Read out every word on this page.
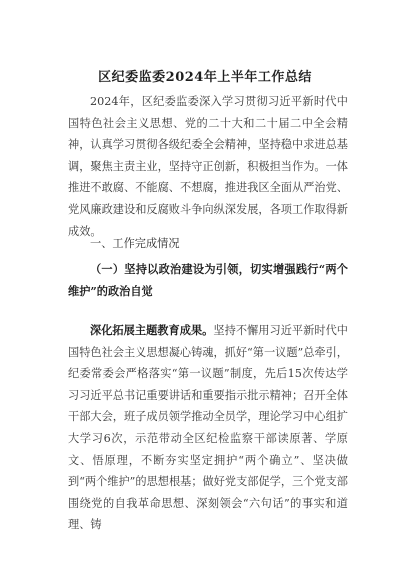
区纪委监委2024年上半年工作总结

2024年，区纪委监委深入学习贯彻习近平新时代中国特色社会主义思想、党的二十大和二十届二中全会精神，认真学习贯彻各级纪委全会精神，坚持稳中求进总基调，聚焦主责主业，坚持守正创新，积极担当作为。一体推进不敢腐、不能腐、不想腐，推进我区全面从严治党、党风廉政建设和反腐败斗争向纵深发展，各项工作取得新成效。

一、工作完成情况

（一）坚持以政治建设为引领，切实增强践行“两个维护”的政治自觉

深化拓展主题教育成果。坚持不懈用习近平新时代中国特色社会主义思想凝心铸魂，抓好“第一议题”总牵引，纪委常委会严格落实“第一议题”制度，先后15次传达学习习近平总书记重要讲话和重要指示批示精神；召开全体干部大会，班子成员领学推动全员学，理论学习中心组扩大学习6次，示范带动全区纪检监察干部读原著、学原文、悟原理，不断夯实坚定拥护“两个确立”、坚决做到“两个维护”的思想根基；做好党支部促学，三个党支部围绕党的自我革命思想、深刻领会“六句话”的事实和道理、铸
